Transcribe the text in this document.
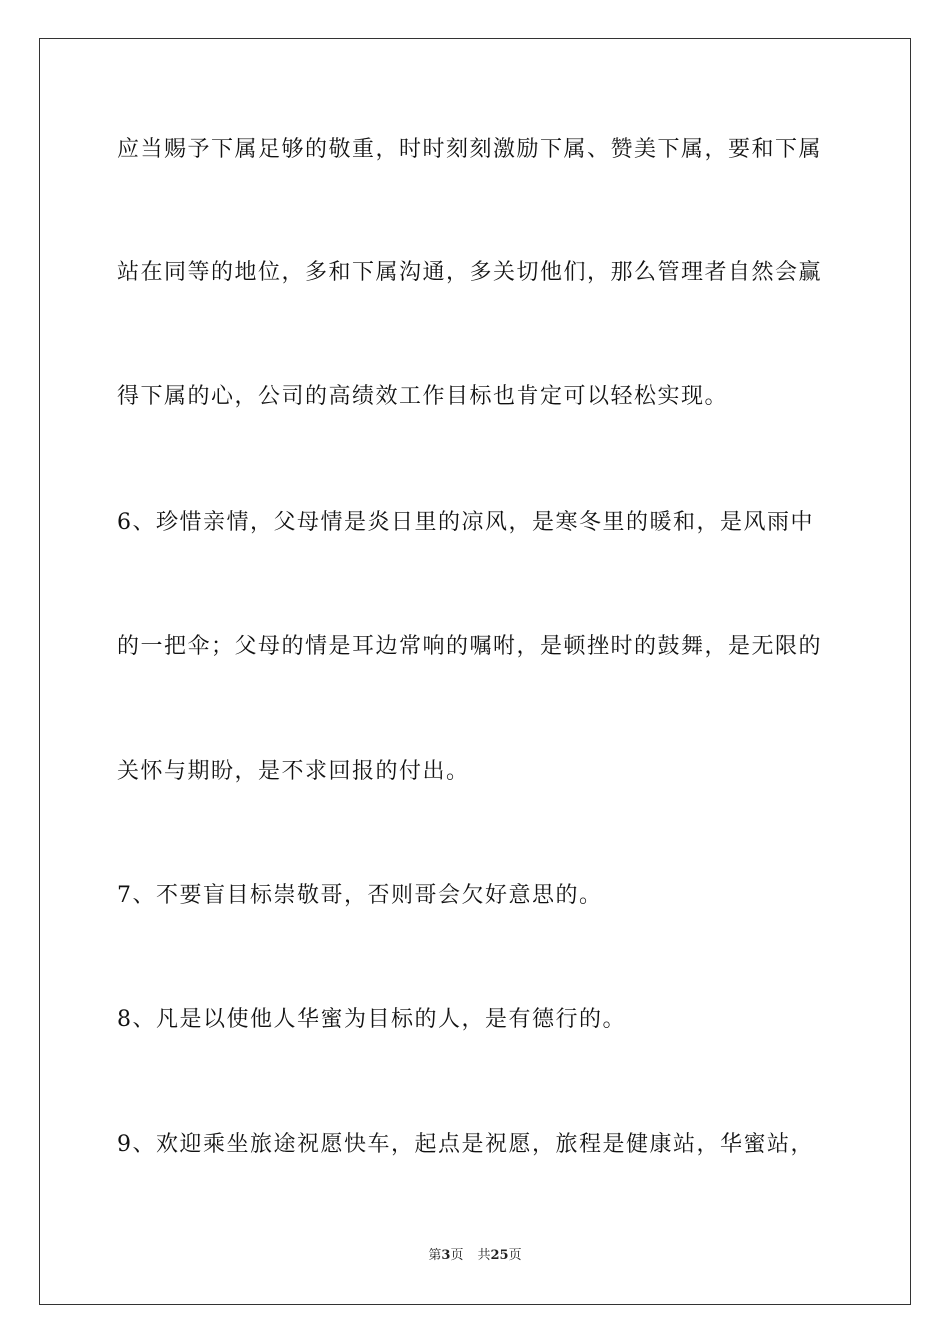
应当赐予下属足够的敬重，时时刻刻激励下属、赞美下属，要和下属
站在同等的地位，多和下属沟通，多关切他们，那么管理者自然会赢
得下属的心，公司的高绩效工作目标也肯定可以轻松实现。
6、珍惜亲情，父母情是炎日里的凉风，是寒冬里的暖和，是风雨中
的一把伞；父母的情是耳边常响的嘱咐，是顿挫时的鼓舞，是无限的
关怀与期盼，是不求回报的付出。
7、不要盲目标崇敬哥，否则哥会欠好意思的。
8、凡是以使他人华蜜为目标的人，是有德行的。
9、欢迎乘坐旅途祝愿快车，起点是祝愿，旅程是健康站，华蜜站，
第3页 共25页
